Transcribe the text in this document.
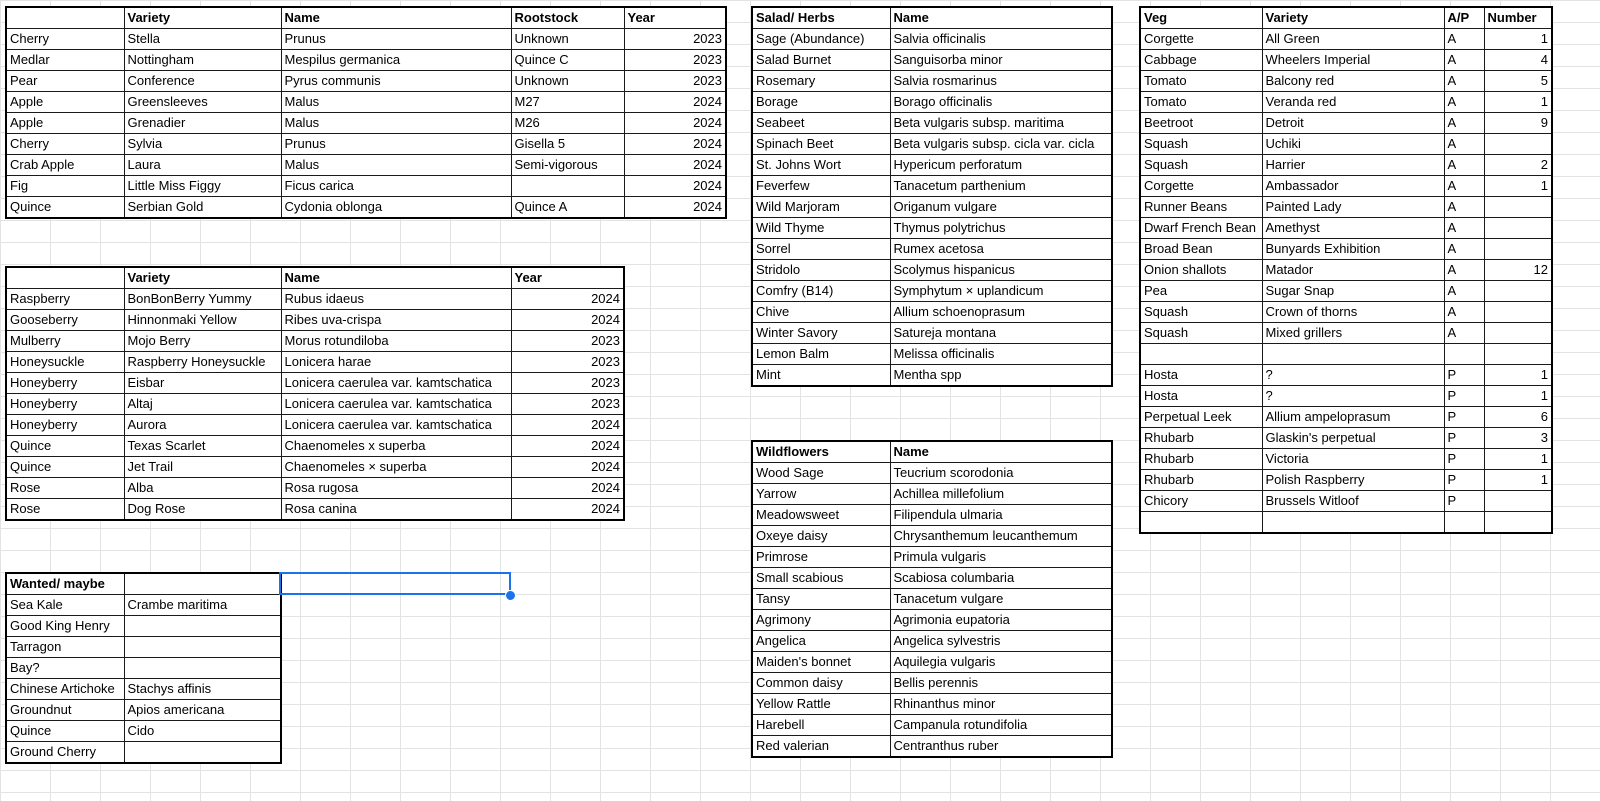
	Variety	Name	Rootstock	Year
Cherry	Stella	Prunus	Unknown	2023
Medlar	Nottingham	Mespilus germanica	Quince C	2023
Pear	Conference	Pyrus communis	Unknown	2023
Apple	Greensleeves	Malus	M27	2024
Apple	Grenadier	Malus	M26	2024
Cherry	Sylvia	Prunus	Gisella 5	2024
Crab Apple	Laura	Malus	Semi-vigorous	2024
Fig	Little Miss Figgy	Ficus carica		2024
Quince	Serbian Gold	Cydonia oblonga	Quince A	2024
	Variety	Name	Year
Raspberry	BonBonBerry Yummy	Rubus idaeus	2024
Gooseberry	Hinnonmaki Yellow	Ribes uva-crispa	2024
Mulberry	Mojo Berry	Morus rotundiloba	2023
Honeysuckle	Raspberry Honeysuckle	Lonicera harae	2023
Honeyberry	Eisbar	Lonicera caerulea var. kamtschatica	2023
Honeyberry	Altaj	Lonicera caerulea var. kamtschatica	2023
Honeyberry	Aurora	Lonicera caerulea var. kamtschatica	2024
Quince	Texas Scarlet	Chaenomeles x superba	2024
Quince	Jet Trail	Chaenomeles × superba	2024
Rose	Alba	Rosa rugosa	2024
Rose	Dog Rose	Rosa canina	2024
Wanted/ maybe	
Sea Kale	Crambe maritima
Good King Henry	
Tarragon	
Bay?	
Chinese Artichoke	Stachys affinis
Groundnut	Apios americana
Quince	Cido
Ground Cherry	
Salad/ Herbs	Name
Sage (Abundance)	Salvia officinalis
Salad Burnet	Sanguisorba minor
Rosemary	Salvia rosmarinus
Borage	Borago officinalis
Seabeet	Beta vulgaris subsp. maritima
Spinach Beet	Beta vulgaris subsp. cicla var. cicla
St. Johns Wort	Hypericum perforatum
Feverfew	Tanacetum parthenium
Wild Marjoram	Origanum vulgare
Wild Thyme	Thymus polytrichus
Sorrel	Rumex acetosa
Stridolo	Scolymus hispanicus
Comfry (B14)	Symphytum × uplandicum
Chive	Allium schoenoprasum
Winter Savory	Satureja montana
Lemon Balm	Melissa officinalis
Mint	Mentha spp
Wildflowers	Name
Wood Sage	Teucrium scorodonia
Yarrow	Achillea millefolium
Meadowsweet	Filipendula ulmaria
Oxeye daisy	Chrysanthemum leucanthemum
Primrose	Primula vulgaris
Small scabious	Scabiosa columbaria
Tansy	Tanacetum vulgare
Agrimony	Agrimonia eupatoria
Angelica	Angelica sylvestris
Maiden's bonnet	Aquilegia vulgaris
Common daisy	Bellis perennis
Yellow Rattle	Rhinanthus minor
Harebell	Campanula rotundifolia
Red valerian	Centranthus ruber
Veg	Variety	A/P	Number
Corgette	All Green	A	1
Cabbage	Wheelers Imperial	A	4
Tomato	Balcony red	A	5
Tomato	Veranda red	A	1
Beetroot	Detroit	A	9
Squash	Uchiki	A	
Squash	Harrier	A	2
Corgette	Ambassador	A	1
Runner Beans	Painted Lady	A	
Dwarf French Bean	Amethyst	A	
Broad Bean	Bunyards Exhibition	A	
Onion shallots	Matador	A	12
Pea	Sugar Snap	A	
Squash	Crown of thorns	A	
Squash	Mixed grillers	A	

Hosta	?	P	1
Hosta	?	P	1
Perpetual Leek	Allium ampeloprasum	P	6
Rhubarb	Glaskin's perpetual	P	3
Rhubarb	Victoria	P	1
Rhubarb	Polish Raspberry	P	1
Chicory	Brussels Witloof	P	
